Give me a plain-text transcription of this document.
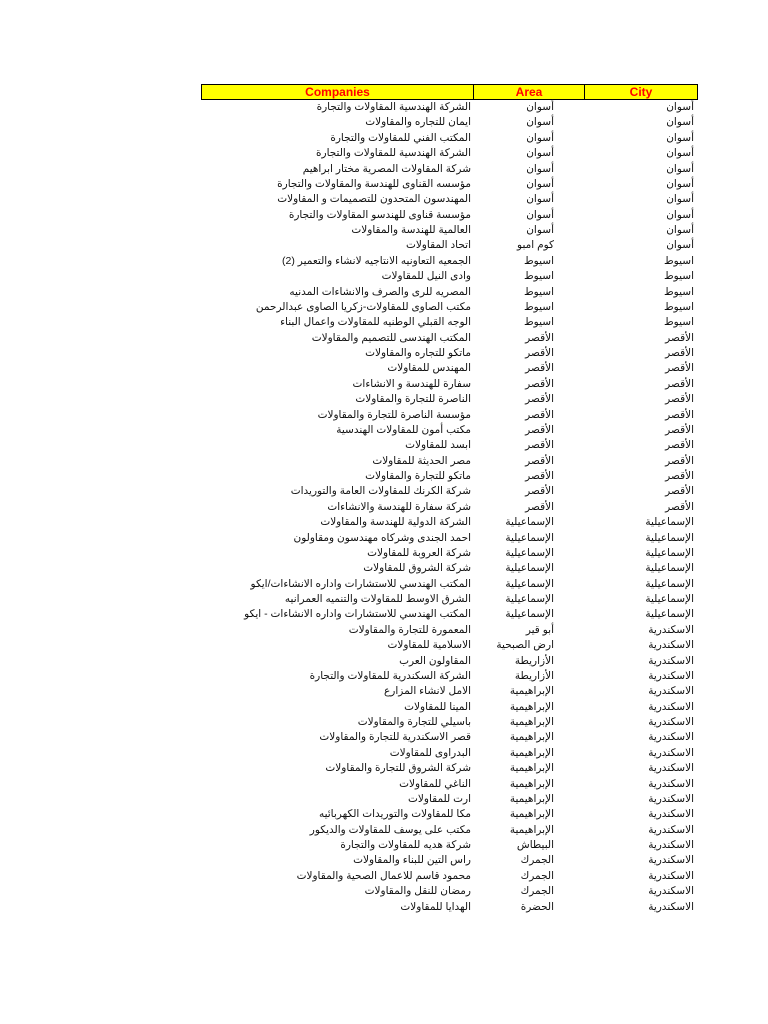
Companies	Area	City
الشركة الهندسية المقاولات والتجارة	أسوان	أسوان
ايمان للتجاره والمقاولات	أسوان	أسوان
المكتب الفني للمقاولات والتجارة	أسوان	أسوان
الشركة الهندسية للمقاولات والتجارة	أسوان	أسوان
شركة المقاولات المصرية مختار ابراهيم	أسوان	أسوان
مؤسسه القناوى للهندسة والمقاولات والتجارة	أسوان	أسوان
المهندسون المتحدون للتصميمات و المقاولات	أسوان	أسوان
مؤسسة قناوى للهندسو المقاولات والتجارة	أسوان	أسوان
العالمية للهندسة والمقاولات	أسوان	أسوان
اتحاد المقاولات	كوم امبو	أسوان
الجمعيه التعاونيه الانتاجيه لانشاء والتعمير (2)	اسيوط	اسيوط
وادى النيل للمقاولات	اسيوط	اسيوط
المصريه للرى والصرف والانشاءات المدنيه	اسيوط	اسيوط
مكتب الصاوى للمقاولات-زكريا الصاوى عبدالرحمن	اسيوط	اسيوط
الوجه القبلي الوطنيه للمقاولات واعمال البناء	اسيوط	اسيوط
المكتب الهندسى للتصميم والمقاولات	الأقصر	الأقصر
ماتكو للتجاره والمقاولات	الأقصر	الأقصر
المهندس للمقاولات	الأقصر	الأقصر
سفارة للهندسة و الانشاءات	الأقصر	الأقصر
الناصرة للتجارة والمقاولات	الأقصر	الأقصر
مؤسسة الناصرة للتجارة والمقاولات	الأقصر	الأقصر
مكتب أمون للمقاولات الهندسية	الأقصر	الأقصر
ابسد للمقاولات	الأقصر	الأقصر
مصر الحديثة للمقاولات	الأقصر	الأقصر
ماتكو للتجارة والمقاولات	الأقصر	الأقصر
شركة الكرنك للمقاولات العامة والتوريدات	الأقصر	الأقصر
شركة سفارة للهندسة والانشاءات	الأقصر	الأقصر
الشركة الدولية للهندسة والمقاولات	الإسماعيلية	الإسماعيلية
احمد الجندى وشركاه مهندسون ومقاولون	الإسماعيلية	الإسماعيلية
شركة العروبة للمقاولات	الإسماعيلية	الإسماعيلية
شركة الشروق للمقاولات	الإسماعيلية	الإسماعيلية
المكتب الهندسي للاستشارات واداره الانشاءات/ايكو	الإسماعيلية	الإسماعيلية
الشرق الاوسط للمقاولات والتنميه العمرانيه	الإسماعيلية	الإسماعيلية
المكتب الهندسي للاستشارات واداره الانشاءات - ايكو	الإسماعيلية	الإسماعيلية
المعمورة للتجارة والمقاولات	أبو قير	الاسكندرية
الاسلامية للمقاولات	ارض الصبحية	الاسكندرية
المقاولون العرب	الأزاريطة	الاسكندرية
الشركة السكندرية للمقاولات والتجارة	الأزاريطة	الاسكندرية
الامل لانشاء المزارع	الإبراهيمية	الاسكندرية
المينا للمقاولات	الإبراهيمية	الاسكندرية
باسيلي للتجارة والمقاولات	الإبراهيمية	الاسكندرية
قصر الاسكندرية للتجارة والمقاولات	الإبراهيمية	الاسكندرية
البدراوى للمقاولات	الإبراهيمية	الاسكندرية
شركة الشروق للتجارة والمقاولات	الإبراهيمية	الاسكندرية
الناغي للمقاولات	الإبراهيمية	الاسكندرية
ارت للمقاولات	الإبراهيمية	الاسكندرية
مكا للمقاولات والتوريدات الكهربائيه	الإبراهيمية	الاسكندرية
مكتب على يوسف للمقاولات والديكور	الإبراهيمية	الاسكندرية
شركة هديه للمقاولات والتجارة	البيطاش	الاسكندرية
راس التين للبناء والمقاولات	الجمرك	الاسكندرية
محمود قاسم للاعمال الصحية والمقاولات	الجمرك	الاسكندرية
رمضان للنقل والمقاولات	الجمرك	الاسكندرية
الهدايا للمقاولات	الحضرة	الاسكندرية
